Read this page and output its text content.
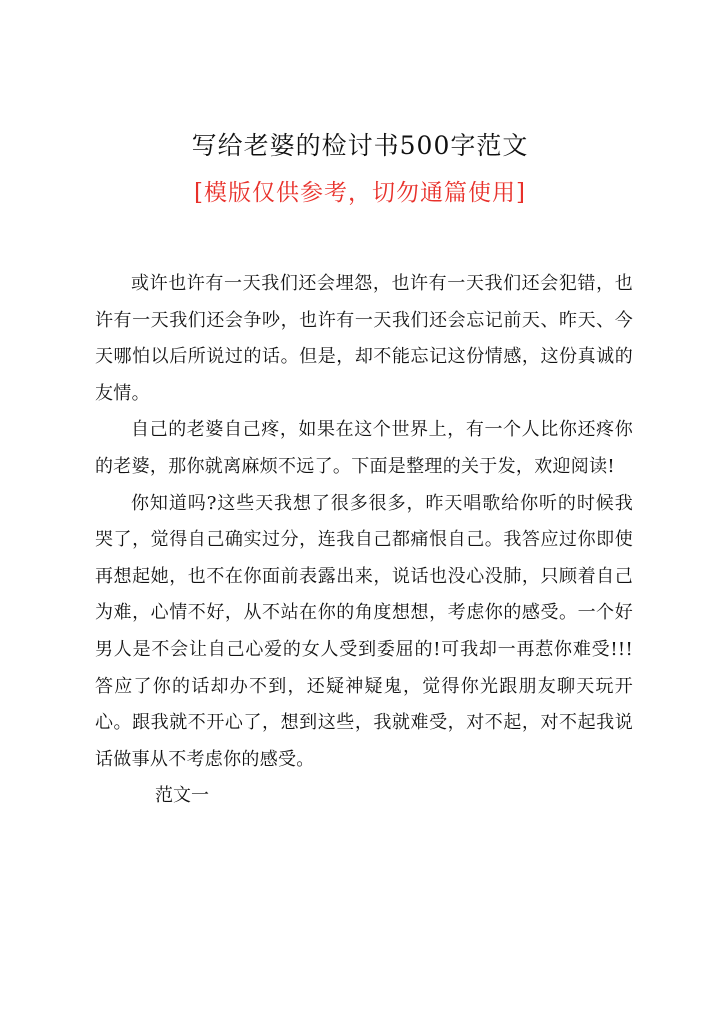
写给老婆的检讨书500字范文
[模版仅供参考，切勿通篇使用]

或许也许有一天我们还会埋怨，也许有一天我们还会犯错，也许有一天我们还会争吵，也许有一天我们还会忘记前天、昨天、今天哪怕以后所说过的话。但是，却不能忘记这份情感，这份真诚的友情。

自己的老婆自己疼，如果在这个世界上，有一个人比你还疼你的老婆，那你就离麻烦不远了。下面是整理的关于发，欢迎阅读!

你知道吗?这些天我想了很多很多，昨天唱歌给你听的时候我哭了，觉得自己确实过分，连我自己都痛恨自己。我答应过你即使再想起她，也不在你面前表露出来，说话也没心没肺，只顾着自己为难，心情不好，从不站在你的角度想想，考虑你的感受。一个好男人是不会让自己心爱的女人受到委屈的!可我却一再惹你难受!!!答应了你的话却办不到，还疑神疑鬼，觉得你光跟朋友聊天玩开心。跟我就不开心了，想到这些，我就难受，对不起，对不起我说话做事从不考虑你的感受。

范文一
